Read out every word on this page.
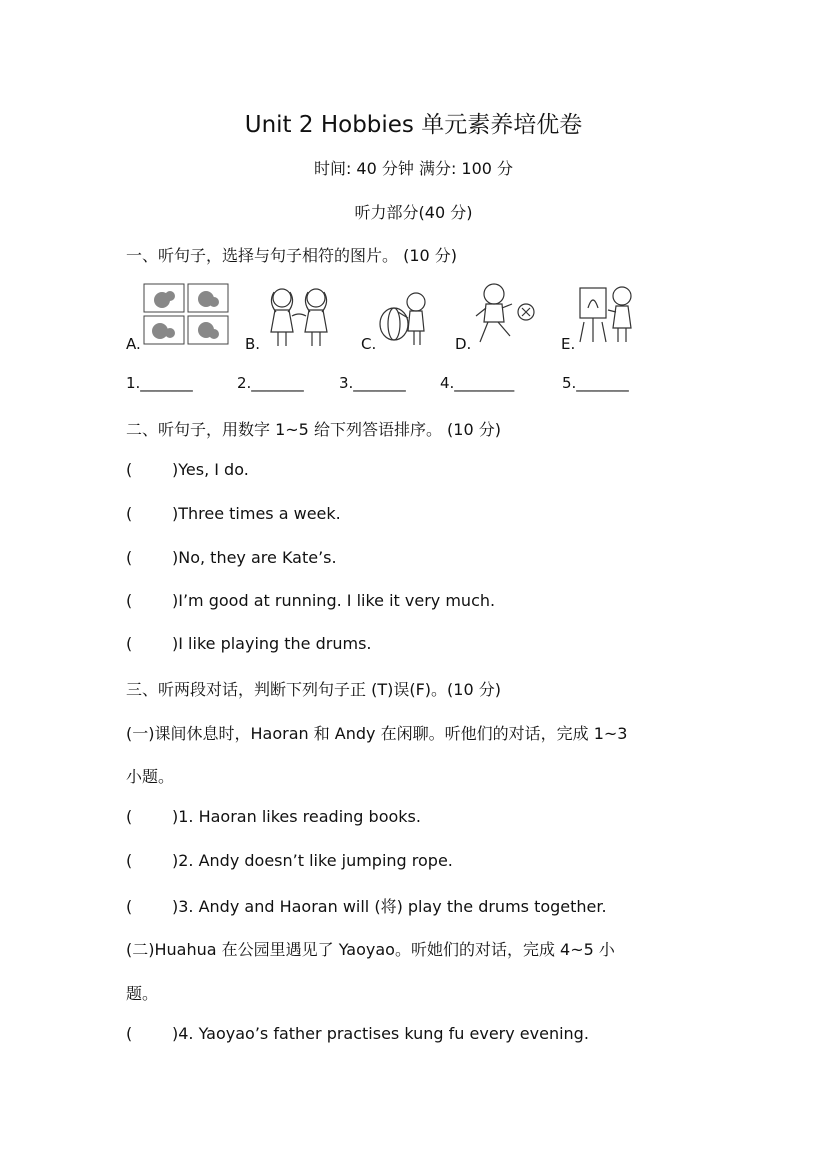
Unit 2 Hobbies 单元素养培优卷
时间: 40 分钟 满分: 100 分
听力部分(40 分)
一、听句子，选择与句子相符的图片。 (10 分)
A.	B.	C.	D.	E.
1._______	2._______ 3._______ 4.________	5._______
二、听句子，用数字 1~5 给下列答语排序。 (10 分)
( )Yes, I do.
( )Three times a week.
( )No, they are Kate’s.
( )I’m good at running. I like it very much.
( )I like playing the drums.
三、听两段对话，判断下列句子正 (T)误(F)。(10 分)
(一)课间休息时，Haoran 和 Andy 在闲聊。听他们的对话，完成 1~3
小题。
( )1. Haoran likes reading books.
( )2. Andy doesn’t like jumping rope.
( )3. Andy and Haoran will (将) play the drums together.
(二)Huahua 在公园里遇见了 Yaoyao。听她们的对话，完成 4~5 小
题。
( )4. Yaoyao’s father practises kung fu every evening.
